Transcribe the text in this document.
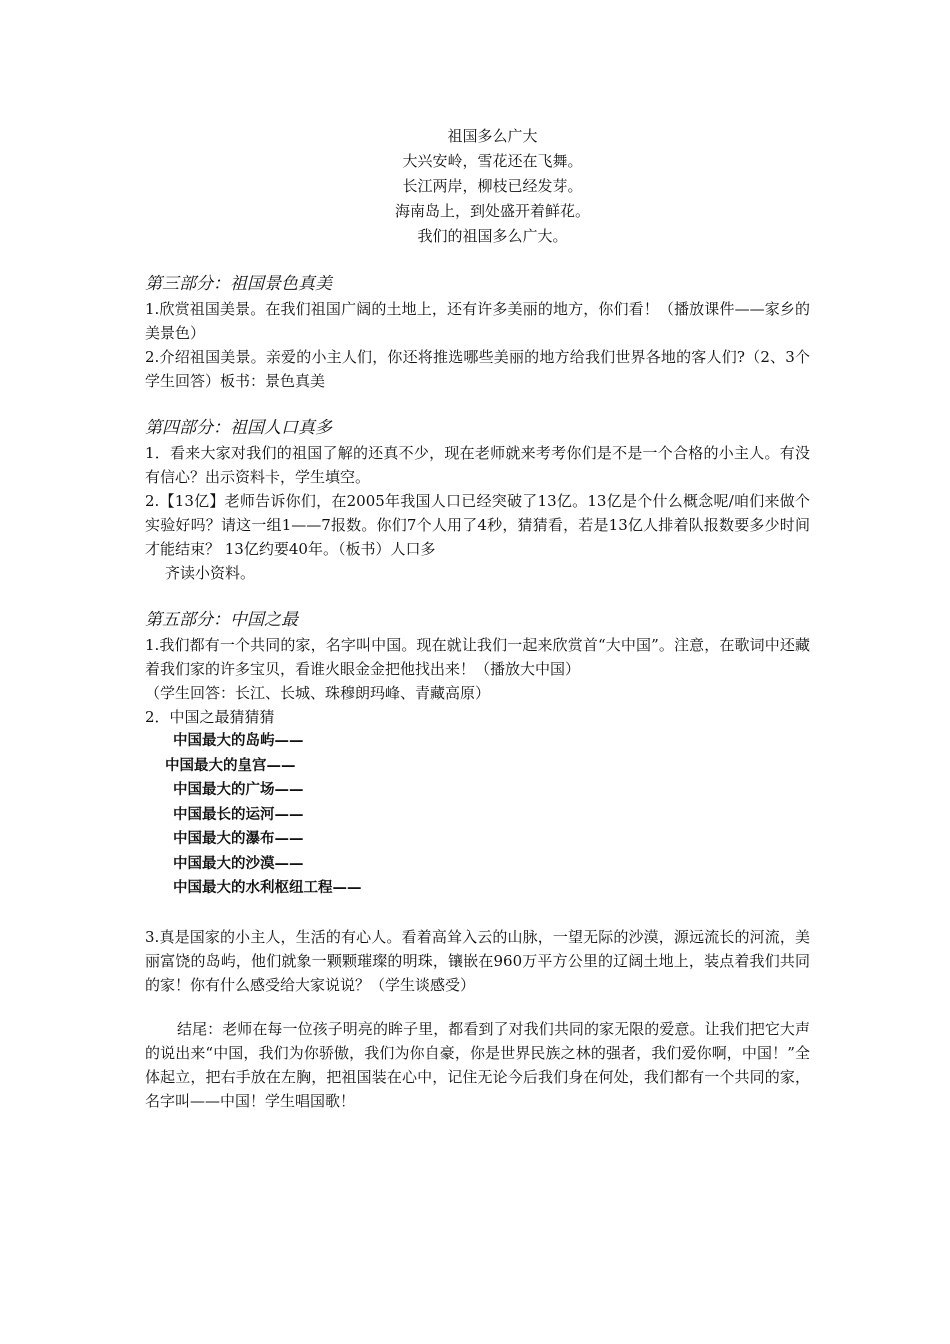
祖国多么广大
大兴安岭，雪花还在飞舞。
长江两岸，柳枝已经发芽。
海南岛上，到处盛开着鲜花。
我们的祖国多么广大。
第三部分：祖国景色真美
1.欣赏祖国美景。在我们祖国广阔的土地上，还有许多美丽的地方，你们看！（播放课件——家乡的美景色）
2.介绍祖国美景。亲爱的小主人们，你还将推选哪些美丽的地方给我们世界各地的客人们?（2、3个学生回答）板书：景色真美
第四部分：祖国人口真多
1．看来大家对我们的祖国了解的还真不少，现在老师就来考考你们是不是一个合格的小主人。有没有信心？出示资料卡，学生填空。
2.【13亿】老师告诉你们，在2005年我国人口已经突破了13亿。13亿是个什么概念呢/咱们来做个实验好吗？请这一组1——7报数。你们7个人用了4秒，猜猜看，若是13亿人排着队报数要多少时间才能结束？ 13亿约要40年。（板书）人口多
齐读小资料。
第五部分：中国之最
1.我们都有一个共同的家，名字叫中国。现在就让我们一起来欣赏首“大中国”。注意，在歌词中还藏着我们家的许多宝贝，看谁火眼金金把他找出来！（播放大中国）
（学生回答：长江、长城、珠穆朗玛峰、青藏高原）
2．中国之最猜猜猜
中国最大的岛屿——
中国最大的皇宫——
中国最大的广场——
中国最长的运河——
中国最大的瀑布——
中国最大的沙漠——
中国最大的水利枢纽工程——
3.真是国家的小主人，生活的有心人。看着高耸入云的山脉，一望无际的沙漠，源远流长的河流，美丽富饶的岛屿，他们就象一颗颗璀璨的明珠，镶嵌在960万平方公里的辽阔土地上，装点着我们共同的家！你有什么感受给大家说说？（学生谈感受）
结尾：老师在每一位孩子明亮的眸子里，都看到了对我们共同的家无限的爱意。让我们把它大声的说出来“中国，我们为你骄傲，我们为你自豪，你是世界民族之林的强者，我们爱你啊，中国！”全体起立，把右手放在左胸，把祖国装在心中，记住无论今后我们身在何处，我们都有一个共同的家，名字叫——中国！学生唱国歌！
